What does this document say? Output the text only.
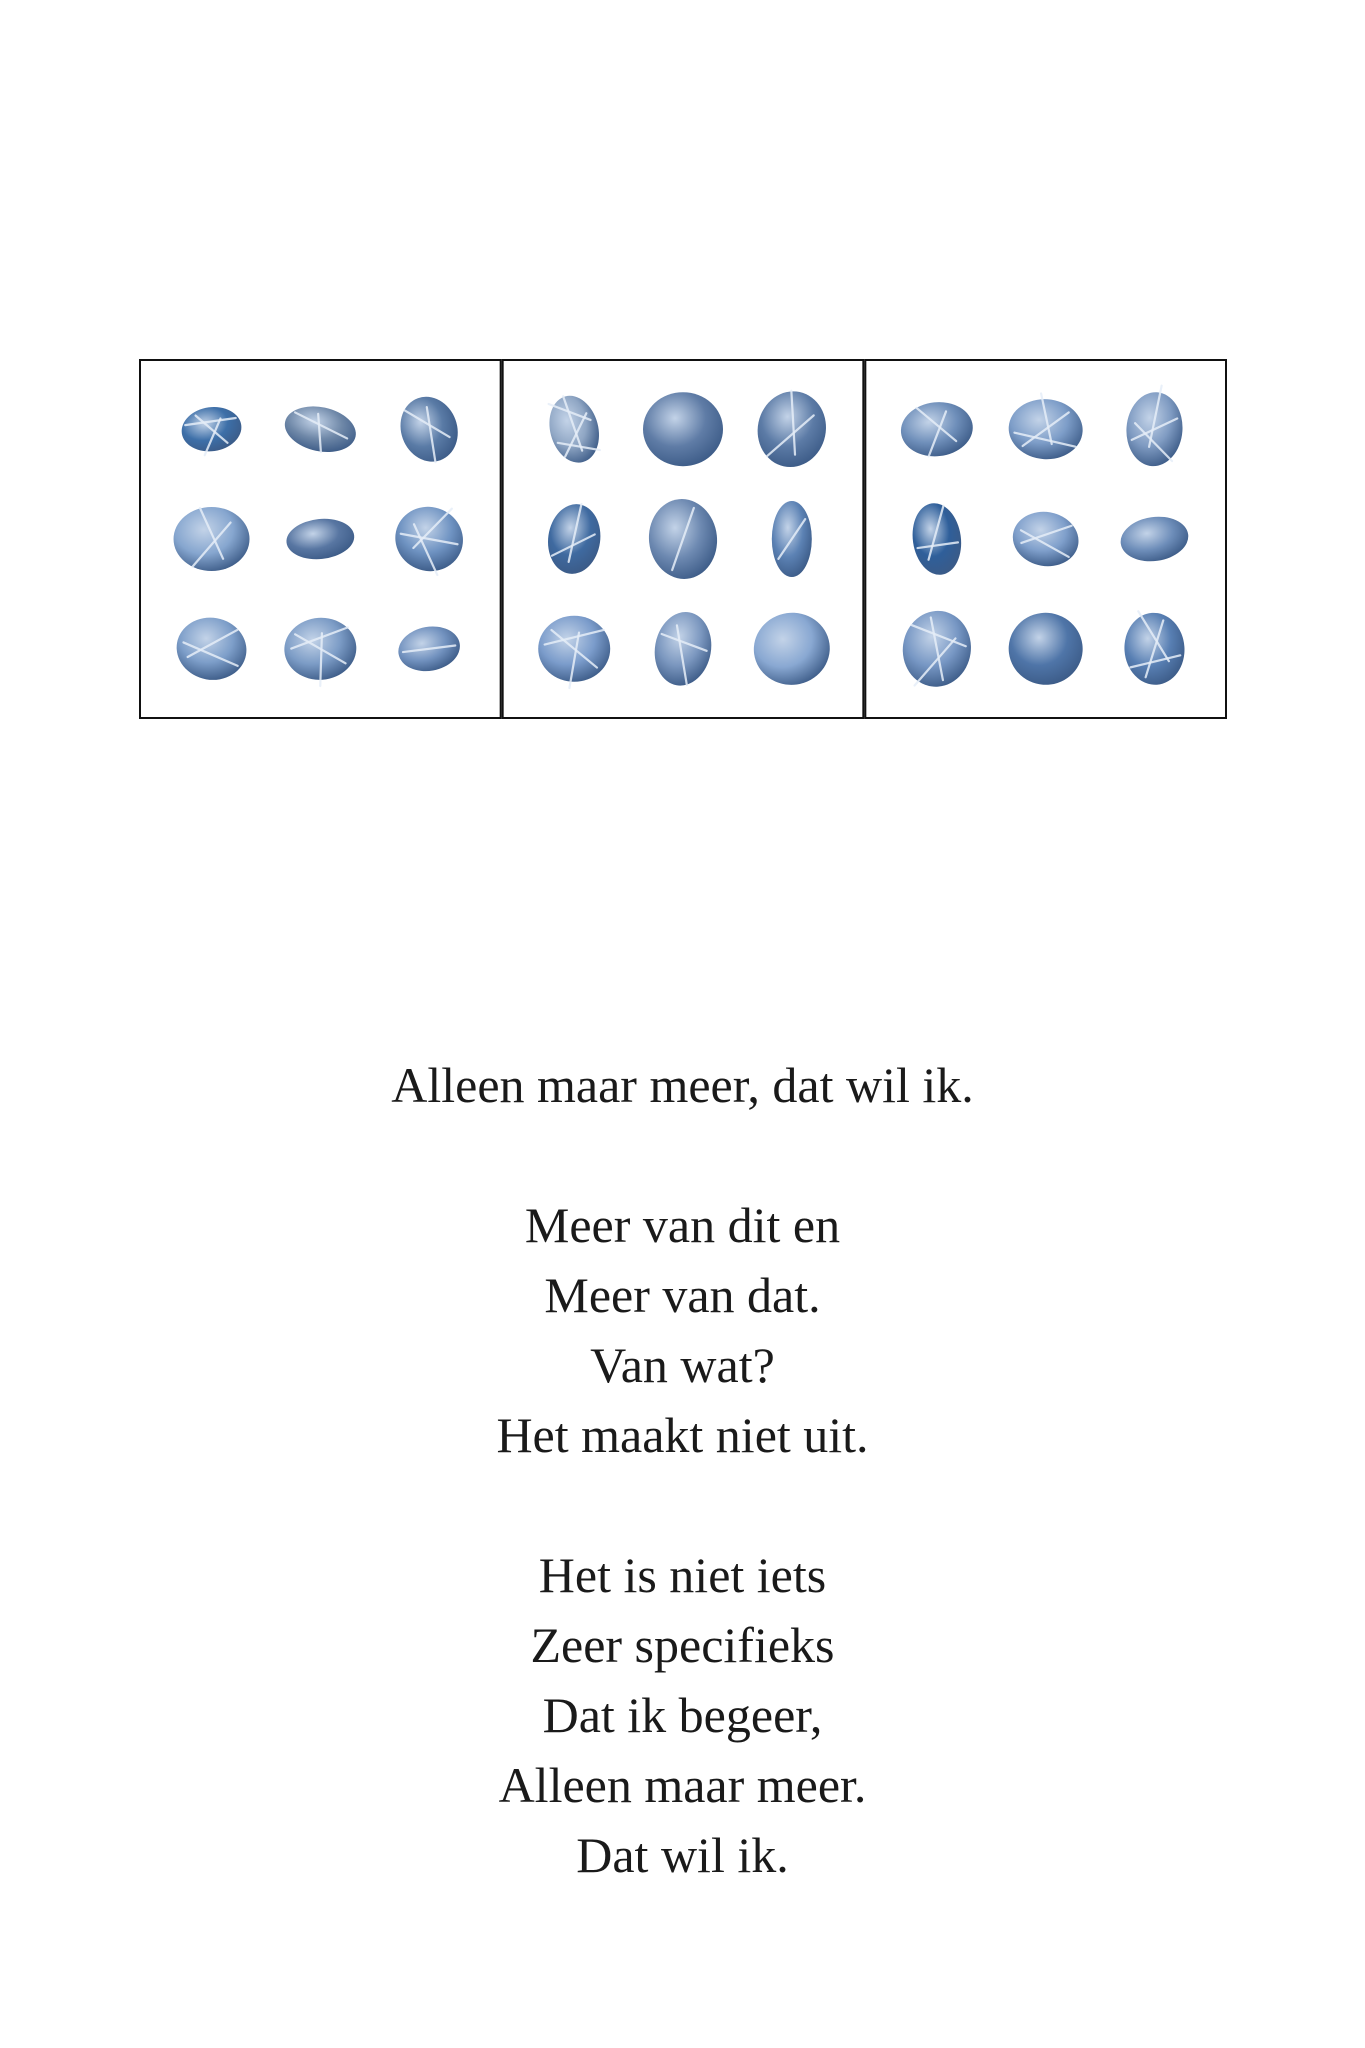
Alleen maar meer, dat wil ik.
Meer van dit en
Meer van dat.
Van wat?
Het maakt niet uit.
Het is niet iets
Zeer specifieks
Dat ik begeer,
Alleen maar meer.
Dat wil ik.
